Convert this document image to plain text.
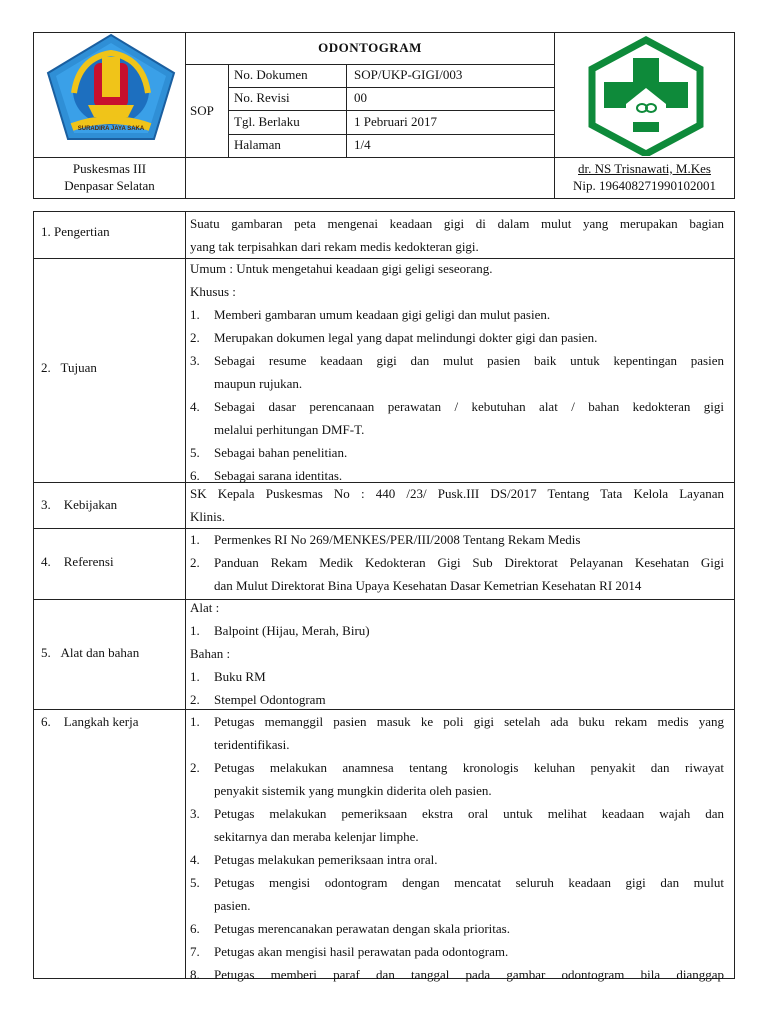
SURADIRA JAYA SAKA
ODONTOGRAM
SOP
No. Dokumen	SOP/UKP-GIGI/003
No. Revisi	00
Tgl. Berlaku	1 Pebruari 2017
Halaman	1/4
Puskesmas III
Denpasar Selatan
dr. NS Trisnawati, M.Kes
Nip. 196408271990102001
1. Pengertian
Suatu gambaran peta mengenai keadaan gigi di dalam mulut yang merupakan bagian
yang tak terpisahkan dari rekam medis kedokteran gigi.
2. Tujuan
Umum : Untuk mengetahui keadaan gigi geligi seseorang.
Khusus :
1.	Memberi gambaran umum keadaan gigi geligi dan mulut pasien.
2.	Merupakan dokumen legal yang dapat melindungi dokter gigi dan pasien.
3.	Sebagai resume keadaan gigi dan mulut pasien baik untuk kepentingan pasien
maupun rujukan.
4.	Sebagai dasar perencanaan perawatan / kebutuhan alat / bahan kedokteran gigi
melalui perhitungan DMF-T.
5.	Sebagai bahan penelitian.
6.	Sebagai sarana identitas.
3. Kebijakan
SK Kepala Puskesmas No : 440 /23/ Pusk.III DS/2017 Tentang Tata Kelola Layanan
Klinis.
4. Referensi
1.	Permenkes RI No 269/MENKES/PER/III/2008 Tentang Rekam Medis
2.	Panduan Rekam Medik Kedokteran Gigi Sub Direktorat Pelayanan Kesehatan Gigi
dan Mulut Direktorat Bina Upaya Kesehatan Dasar Kemetrian Kesehatan RI 2014
5. Alat dan bahan
Alat :
1.	Balpoint (Hijau, Merah, Biru)
Bahan :
1.	Buku RM
2.	Stempel Odontogram
6. Langkah kerja	1.	Petugas memanggil pasien masuk ke poli gigi setelah ada buku rekam medis yang
teridentifikasi.
2.	Petugas melakukan anamnesa tentang kronologis keluhan penyakit dan riwayat
penyakit sistemik yang mungkin diderita oleh pasien.
3.	Petugas melakukan pemeriksaan ekstra oral untuk melihat keadaan wajah dan
sekitarnya dan meraba kelenjar limphe.
4.	Petugas melakukan pemeriksaan intra oral.
5.	Petugas mengisi odontogram dengan mencatat seluruh keadaan gigi dan mulut
pasien.
6.	Petugas merencanakan perawatan dengan skala prioritas.
7.	Petugas akan mengisi hasil perawatan pada odontogram.
8.	Petugas memberi paraf dan tanggal pada gambar odontogram bila dianggap
